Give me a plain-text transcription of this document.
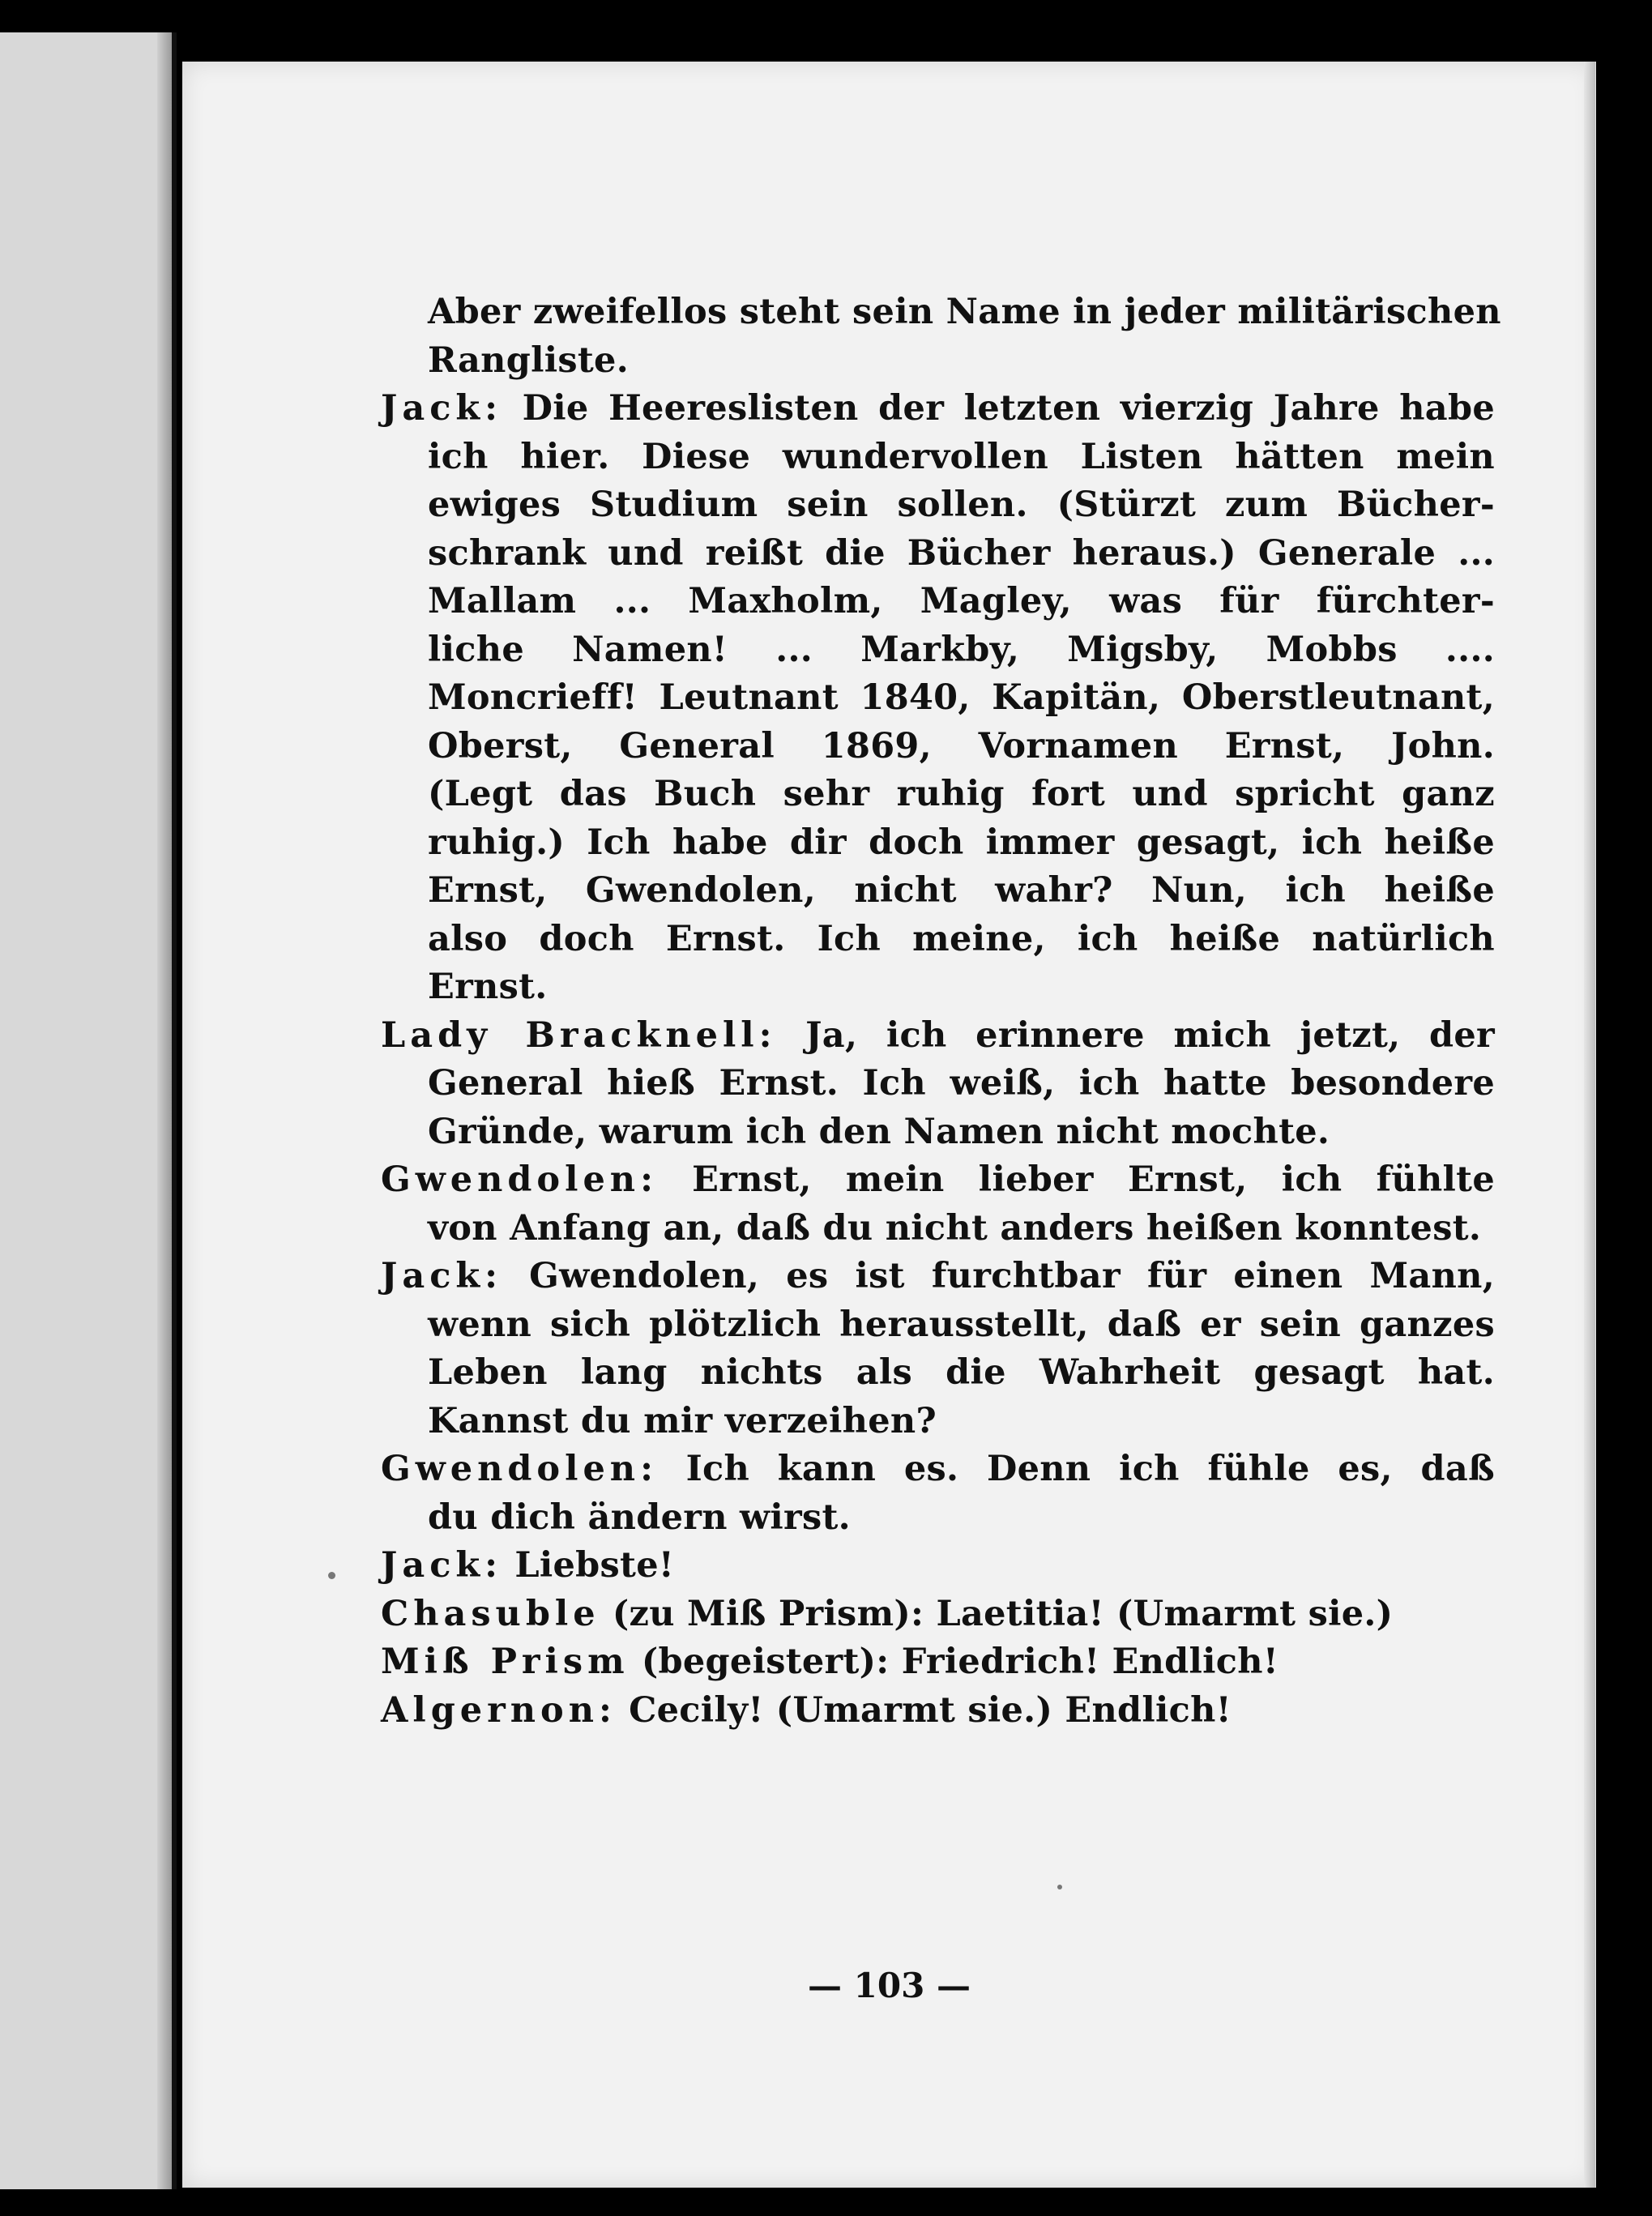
Aber zweifellos steht sein Name in jeder militärischen
Rangliste.
Jack: Die Heereslisten der letzten vierzig Jahre habe
ich hier. Diese wundervollen Listen hätten mein
ewiges Studium sein sollen. (Stürzt zum Bücher-
schrank und reißt die Bücher heraus.) Generale ...
Mallam ... Maxholm, Magley, was für fürchter-
liche Namen! ... Markby, Migsby, Mobbs ....
Moncrieff! Leutnant 1840, Kapitän, Oberstleutnant,
Oberst, General 1869, Vornamen Ernst, John.
(Legt das Buch sehr ruhig fort und spricht ganz
ruhig.) Ich habe dir doch immer gesagt, ich heiße
Ernst, Gwendolen, nicht wahr? Nun, ich heiße
also doch Ernst. Ich meine, ich heiße natürlich
Ernst.
Lady Bracknell: Ja, ich erinnere mich jetzt, der
General hieß Ernst. Ich weiß, ich hatte besondere
Gründe, warum ich den Namen nicht mochte.
Gwendolen: Ernst, mein lieber Ernst, ich fühlte
von Anfang an, daß du nicht anders heißen konntest.
Jack: Gwendolen, es ist furchtbar für einen Mann,
wenn sich plötzlich herausstellt, daß er sein ganzes
Leben lang nichts als die Wahrheit gesagt hat.
Kannst du mir verzeihen?
Gwendolen: Ich kann es. Denn ich fühle es, daß
du dich ändern wirst.
Jack: Liebste!
Chasuble (zu Miß Prism): Laetitia! (Umarmt sie.)
Miß Prism (begeistert): Friedrich! Endlich!
Algernon: Cecily! (Umarmt sie.) Endlich!
— 103 —
